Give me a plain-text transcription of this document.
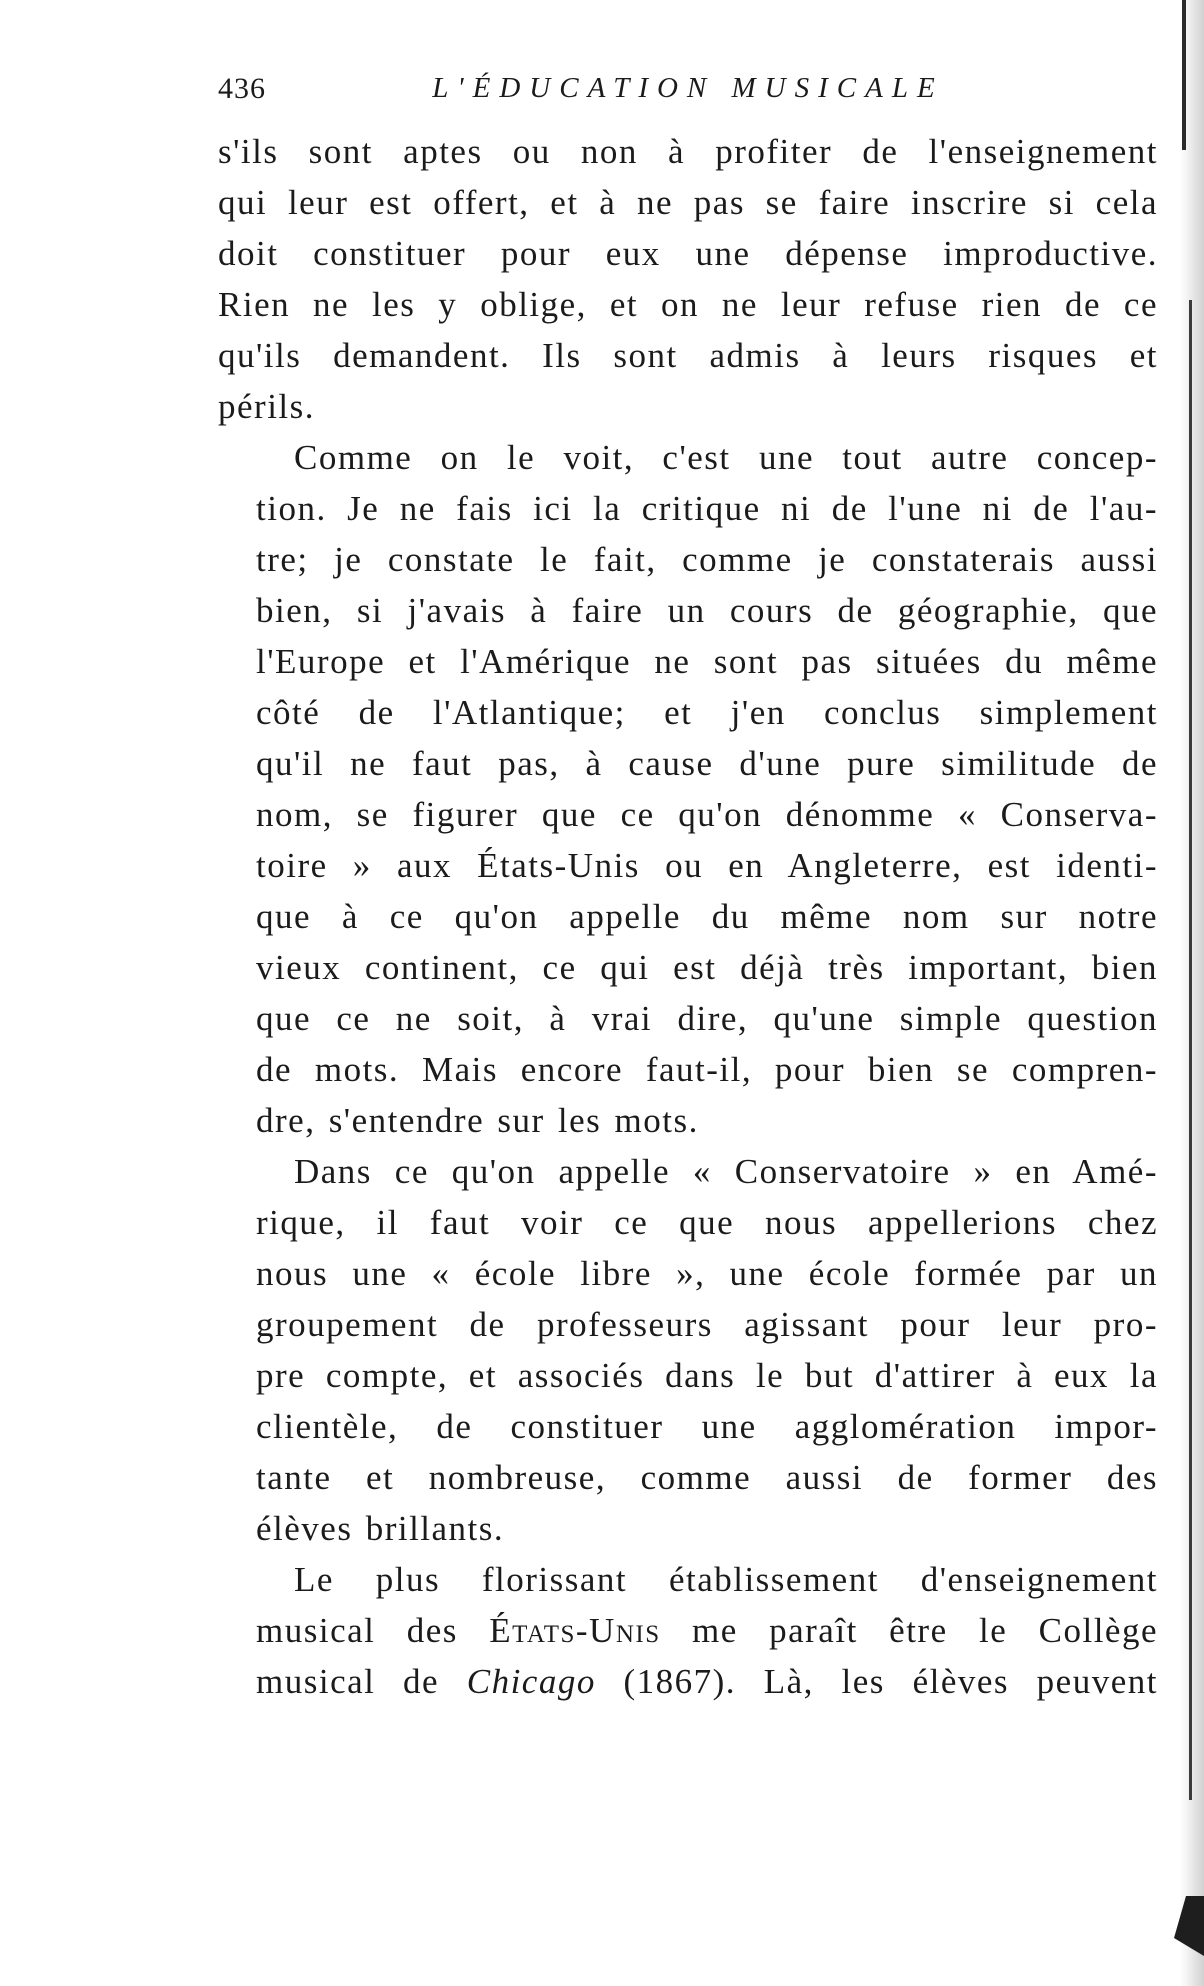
436	L'ÉDUCATION MUSICALE

s'ils sont aptes ou non à profiter de l'enseignement
qui leur est offert, et à ne pas se faire inscrire si cela
doit constituer pour eux une dépense improductive.
Rien ne les y oblige, et on ne leur refuse rien de ce
qu'ils demandent. Ils sont admis à leurs risques et
périls.

Comme on le voit, c'est une tout autre concep-
tion. Je ne fais ici la critique ni de l'une ni de l'au-
tre; je constate le fait, comme je constaterais aussi
bien, si j'avais à faire un cours de géographie, que
l'Europe et l'Amérique ne sont pas situées du même
côté de l'Atlantique; et j'en conclus simplement
qu'il ne faut pas, à cause d'une pure similitude de
nom, se figurer que ce qu'on dénomme « Conserva-
toire » aux États-Unis ou en Angleterre, est identi-
que à ce qu'on appelle du même nom sur notre
vieux continent, ce qui est déjà très important, bien
que ce ne soit, à vrai dire, qu'une simple question
de mots. Mais encore faut-il, pour bien se compren-
dre, s'entendre sur les mots.

Dans ce qu'on appelle « Conservatoire » en Amé-
rique, il faut voir ce que nous appellerions chez
nous une « école libre », une école formée par un
groupement de professeurs agissant pour leur pro-
pre compte, et associés dans le but d'attirer à eux la
clientèle, de constituer une agglomération impor-
tante et nombreuse, comme aussi de former des
élèves brillants.

Le plus florissant établissement d'enseignement
musical des États-Unis me paraît être le Collège
musical de Chicago (1867). Là, les élèves peuvent
